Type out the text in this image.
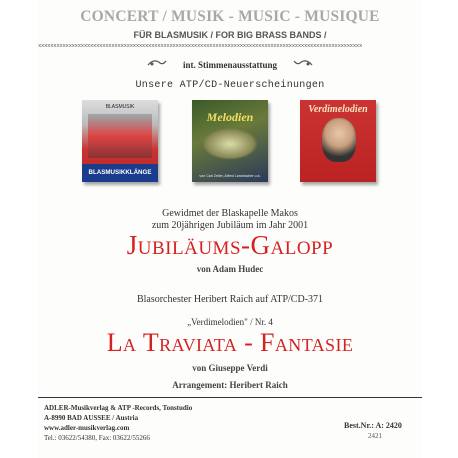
CONCERT / MUSIK - MUSIC - MUSIQUE
FÜR BLASMUSIK / FOR BIG BRASS BANDS /
xxxxxxxxxxxxxxxxxxxxxxxxxxxxxxxxxxxxxxxxxxxxxxxxxxxxxxxxxxxxxxxxxxxxxxxxxxxxxxxxxxxxxxxxxxxxxxxxxxxxxxxxxx
int. Stimmenausstattung
Unsere ATP/CD-Neuerscheinungen
BLASMUSIK
BLASMUSIKKLÄNGE
Melodien
von Carl Zeller, Alfred Lanzbacher u.a.
Verdimelodien
Gewidmet der Blaskapelle Makos
zum 20jährigen Jubiläum im Jahr 2001
Jubiläums-Galopp
von Adam Hudec
Blasorchester Heribert Raich auf ATP/CD-371
„Verdimelodien" / Nr. 4
La Traviata - Fantasie
von Giuseppe Verdi
Arrangement: Heribert Raich
ADLER-Musikverlag & ATP -Records, Tonstudio
A-8990 BAD AUSSEE / Austria
www.adler-musikverlag.com
Tel.: 03622/54380, Fax: 03622/55266
Best.Nr.: A: 2420
2421
